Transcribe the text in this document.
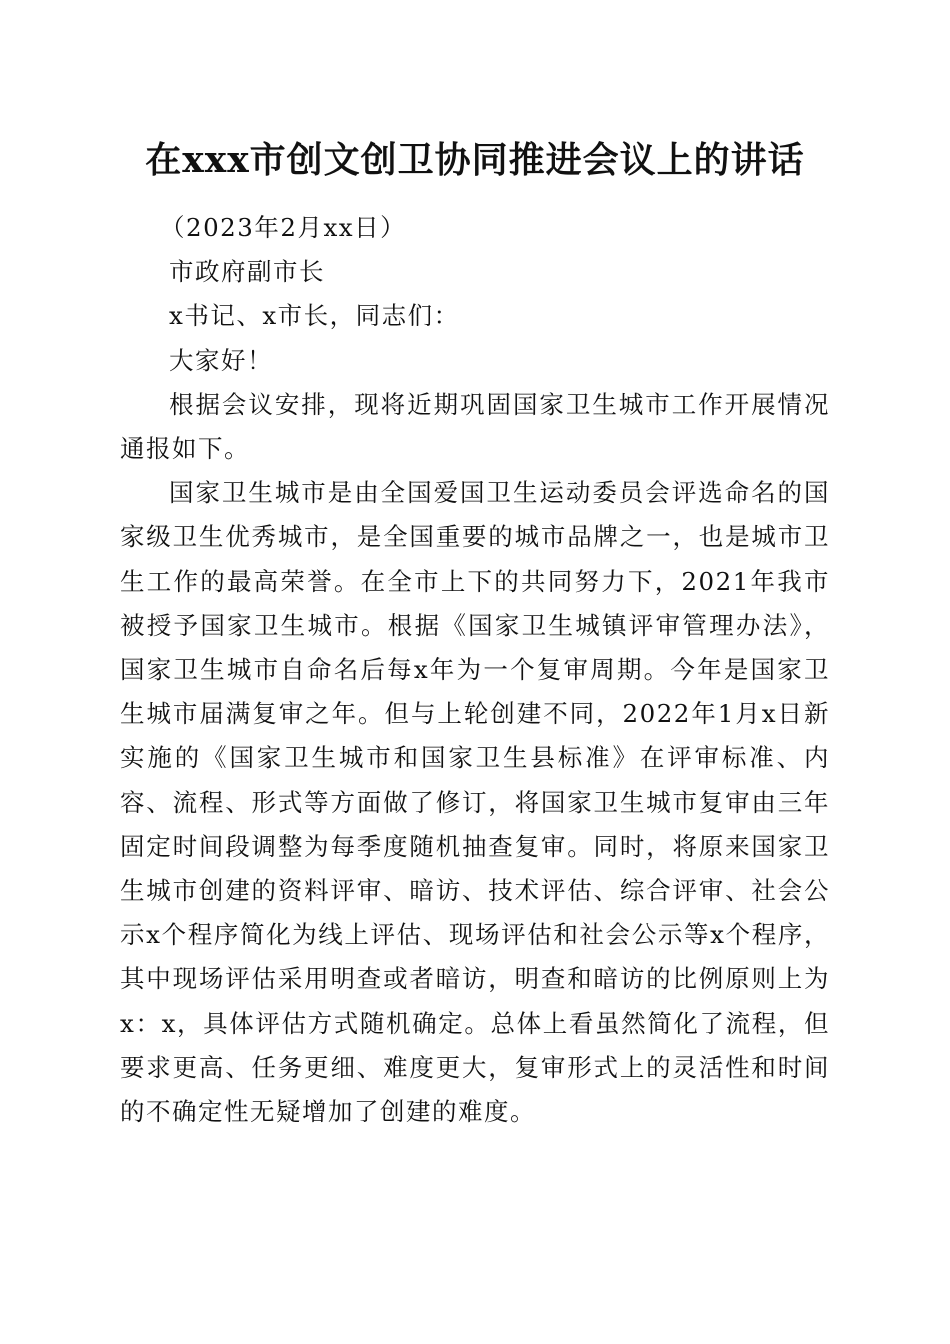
在xxx市创文创卫协同推进会议上的讲话

（2023年2月xx日）

市政府副市长

x书记、x市长，同志们：

大家好！

根据会议安排，现将近期巩固国家卫生城市工作开展情况通报如下。

国家卫生城市是由全国爱国卫生运动委员会评选命名的国家级卫生优秀城市，是全国重要的城市品牌之一，也是城市卫生工作的最高荣誉。在全市上下的共同努力下，2021年我市被授予国家卫生城市。根据《国家卫生城镇评审管理办法》，国家卫生城市自命名后每x年为一个复审周期。今年是国家卫生城市届满复审之年。但与上轮创建不同，2022年1月x日新实施的《国家卫生城市和国家卫生县标准》在评审标准、内容、流程、形式等方面做了修订，将国家卫生城市复审由三年固定时间段调整为每季度随机抽查复审。同时，将原来国家卫生城市创建的资料评审、暗访、技术评估、综合评审、社会公示x个程序简化为线上评估、现场评估和社会公示等x个程序，其中现场评估采用明查或者暗访，明查和暗访的比例原则上为x：x，具体评估方式随机确定。总体上看虽然简化了流程，但要求更高、任务更细、难度更大，复审形式上的灵活性和时间的不确定性无疑增加了创建的难度。
